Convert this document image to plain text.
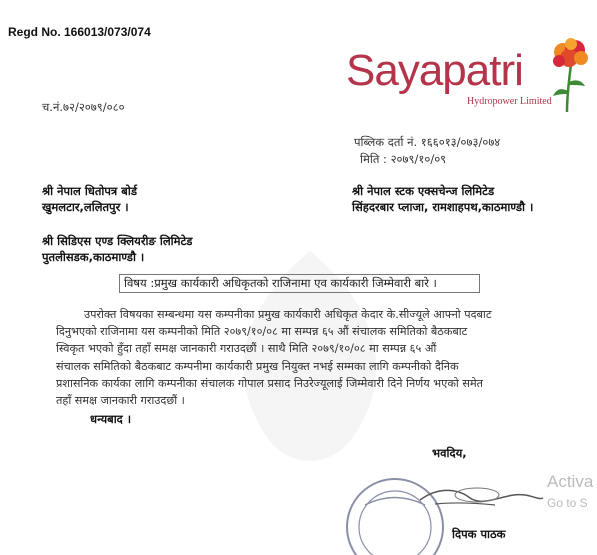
Regd No. 166013/073/074
Sayapatri
Hydropower Limited
च.नं.७२/२०७९/०८०
पब्लिक दर्ता नं. १६६०१३/०७३/०७४
मिति : २०७९/१०/०९
श्री नेपाल धितोपत्र बोर्ड
खुमलटार,ललितपुर ।
श्री नेपाल स्टक एक्सचेन्ज लिमिटेड
सिंहदरबार प्लाजा, रामशाहपथ,काठमाण्डौ ।
श्री सिडिएस एण्ड क्लियरीङ लिमिटेड
पुतलीसडक,काठमाण्डौ ।
विषय :प्रमुख कार्यकारी अधिकृतको राजिनामा एव कार्यकारी जिम्मेवारी बारे ।
उपरोक्त विषयका सम्बन्धमा यस कम्पनीका प्रमुख कार्यकारी अधिकृत केदार के.सीज्यूले आफ्नो पदबाट
दिनुभएको राजिनामा यस कम्पनीको मिति २०७९/१०/०८ मा सम्पन्न ६५ औं संचालक समितिको बैठकबाट
स्विकृत भएको हुँदा तहाँ समक्ष जानकारी गराउदछौं । साथै मिति २०७९/१०/०८ मा सम्पन्न ६५ औं
संचालक समितिको बैठकबाट कम्पनीमा कार्यकारी प्रमुख नियुक्त नभई सम्मका लागि कम्पनीको दैनिक
प्रशासनिक कार्यका लागि कम्पनीका संचालक गोपाल प्रसाद निउरेज्यूलाई जिम्मेवारी दिने निर्णय भएको समेत
तहाँ समक्ष जानकारी गराउदछौं ।
धन्यबाद ।
भवदिय,
दिपक पाठक
Activa
Go to S
